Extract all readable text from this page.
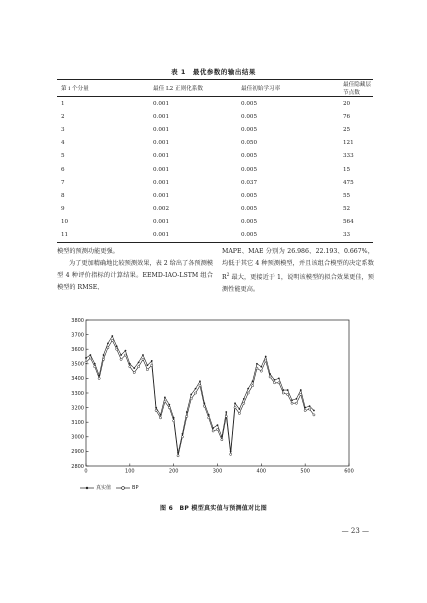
表 1　最优参数的输出结果
第 i 个分量	最佳 L2 正则化系数	最佳初始学习率	最佳隐藏层节点数
1	0.001	0.005	20
2	0.001	0.005	76
3	0.001	0.005	25
4	0.001	0.050	121
5	0.001	0.005	333
6	0.001	0.005	15
7	0.001	0.037	475
8	0.001	0.005	55
9	0.002	0.005	52
10	0.001	0.005	564
11	0.001	0.005	33

模型的预测功能更强。

为了更加精确地比较预测效果，表 2 给出了各预测模型 4 种评价指标的计算结果。EEMD-IAO-LSTM 组合模型的 RMSE、

MAPE、MAE 分别为 26.986、22.193、0.667%，均低于其它 4 种预测模型，并且该组合模型的决定系数 $R^2$ 最大，更接近于 1，说明该模型的拟合效果更佳，预测性能更高。

0	100	200	300	400	500	600
2800
2900
3000
3100
3200
3300
3400
3500
3600
3700
3800
真实值	BP
图 6　BP 模型真实值与预测值对比图
— 23 —
